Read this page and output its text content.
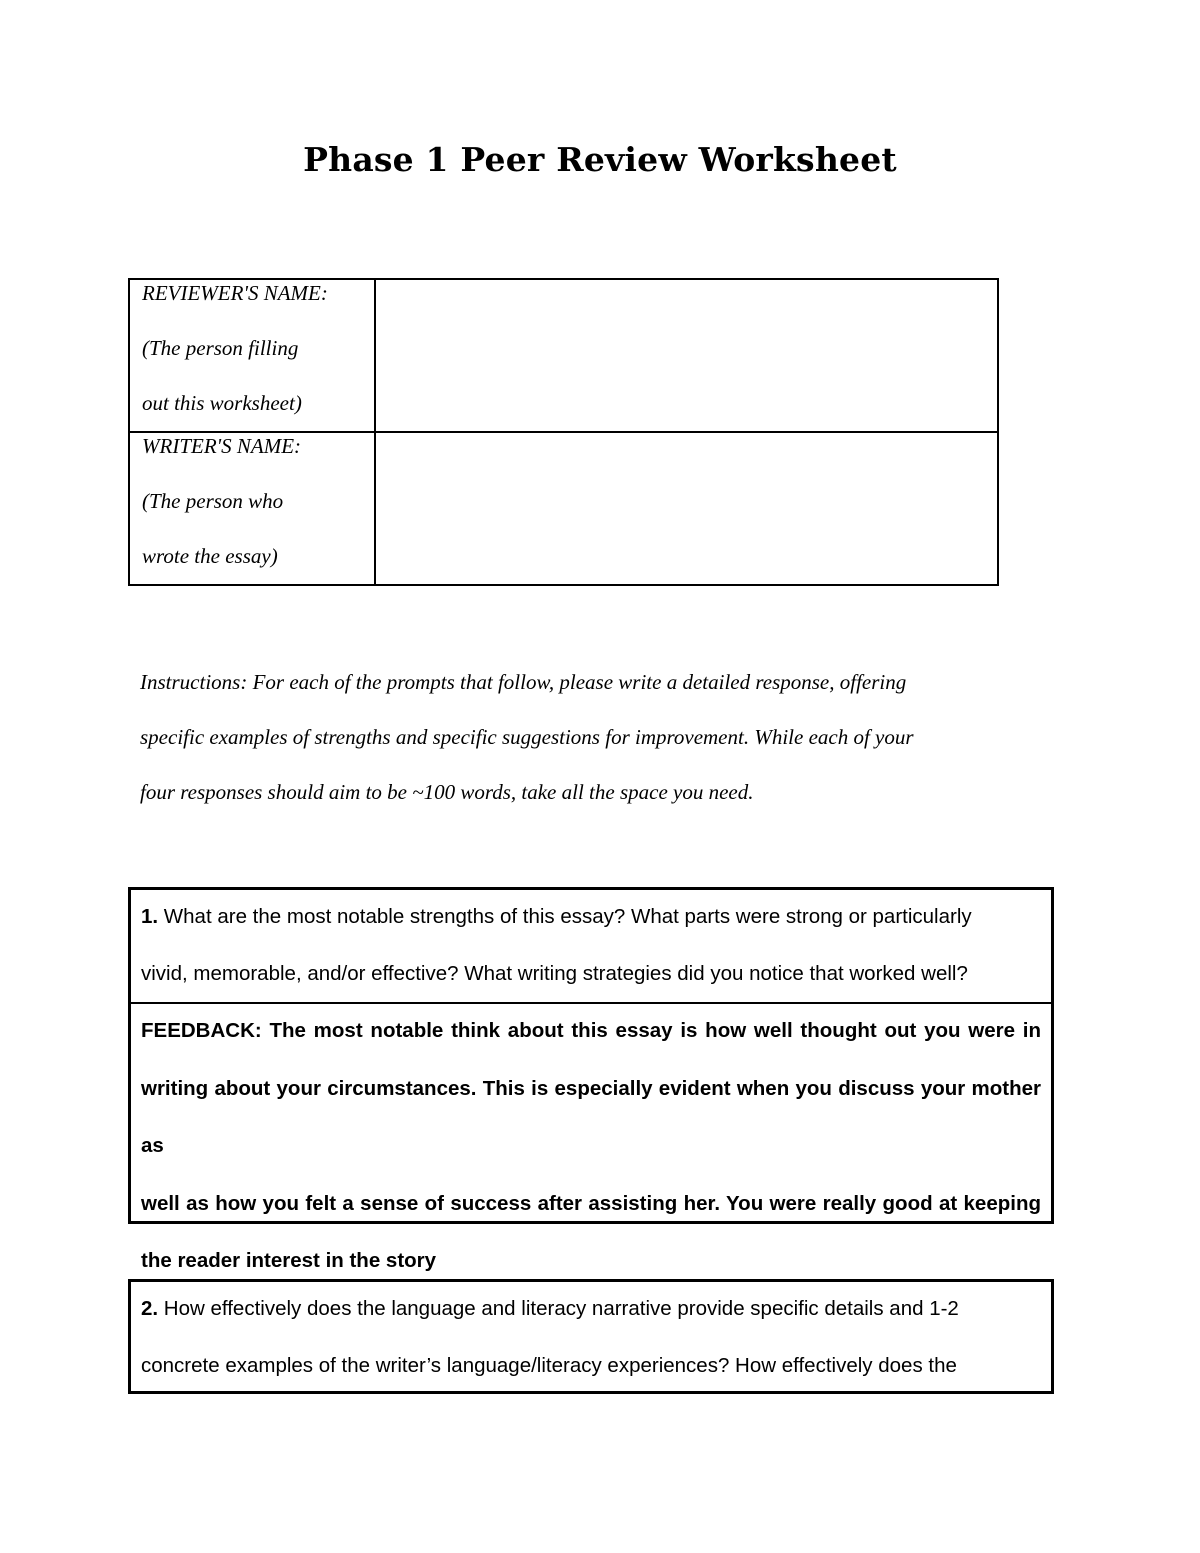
Phase 1 Peer Review Worksheet
REVIEWER'S NAME:
(The person filling
out this worksheet)	

WRITER'S NAME:
(The person who
wrote the essay)	

Instructions: For each of the prompts that follow, please write a detailed response, offering
specific examples of strengths and specific suggestions for improvement. While each of your
four responses should aim to be ~100 words, take all the space you need.
1. What are the most notable strengths of this essay? What parts were strong or particularly
vivid, memorable, and/or effective? What writing strategies did you notice that worked well?
FEEDBACK: The most notable think about this essay is how well thought out you were in
writing about your circumstances. This is especially evident when you discuss your mother as
well as how you felt a sense of success after assisting her. You were really good at keeping
the reader interest in the story
2. How effectively does the language and literacy narrative provide specific details and 1-2
concrete examples of the writer’s language/literacy experiences? How effectively does the
